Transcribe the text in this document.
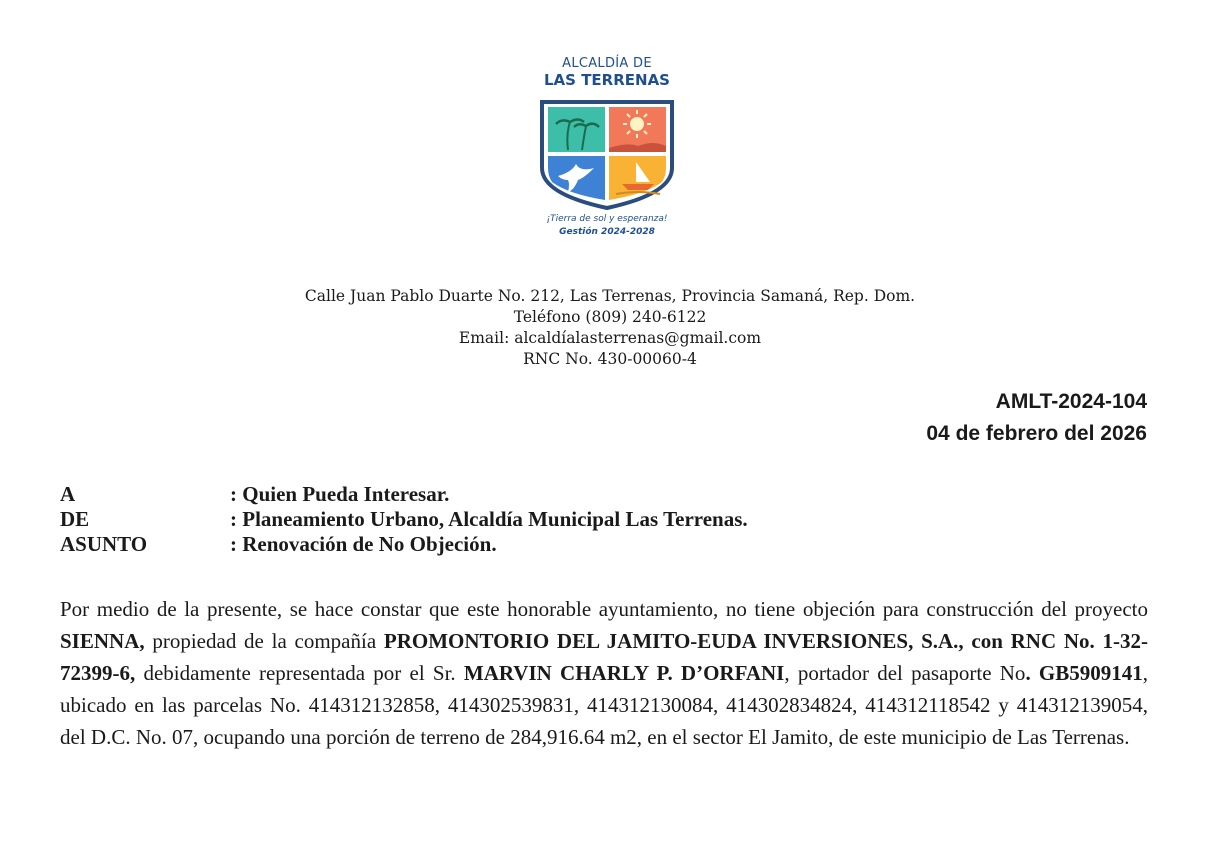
ALCALDÍA DE
LAS TERRENAS
¡Tierra de sol y esperanza!
Gestión 2024-2028
Calle Juan Pablo Duarte No. 212, Las Terrenas, Provincia Samaná, Rep. Dom.
Teléfono (809) 240-6122
Email: alcaldíalasterrenas@gmail.com
RNC No. 430-00060-4
AMLT-2024-104
04 de febrero del 2026
A	: Quien Pueda Interesar.
DE	: Planeamiento Urbano, Alcaldía Municipal Las Terrenas.
ASUNTO	: Renovación de No Objeción.
Por medio de la presente, se hace constar que este honorable ayuntamiento, no tiene objeción para construcción del proyecto SIENNA, propiedad de la compañía PROMONTORIO DEL JAMITO-EUDA INVERSIONES, S.A., con RNC No. 1-32-72399-6, debidamente representada por el Sr. MARVIN CHARLY P. D’ORFANI, portador del pasaporte No. GB5909141, ubicado en las parcelas No. 414312132858, 414302539831, 414312130084, 414302834824, 414312118542 y 414312139054, del D.C. No. 07, ocupando una porción de terreno de 284,916.64 m2, en el sector El Jamito, de este municipio de Las Terrenas.
